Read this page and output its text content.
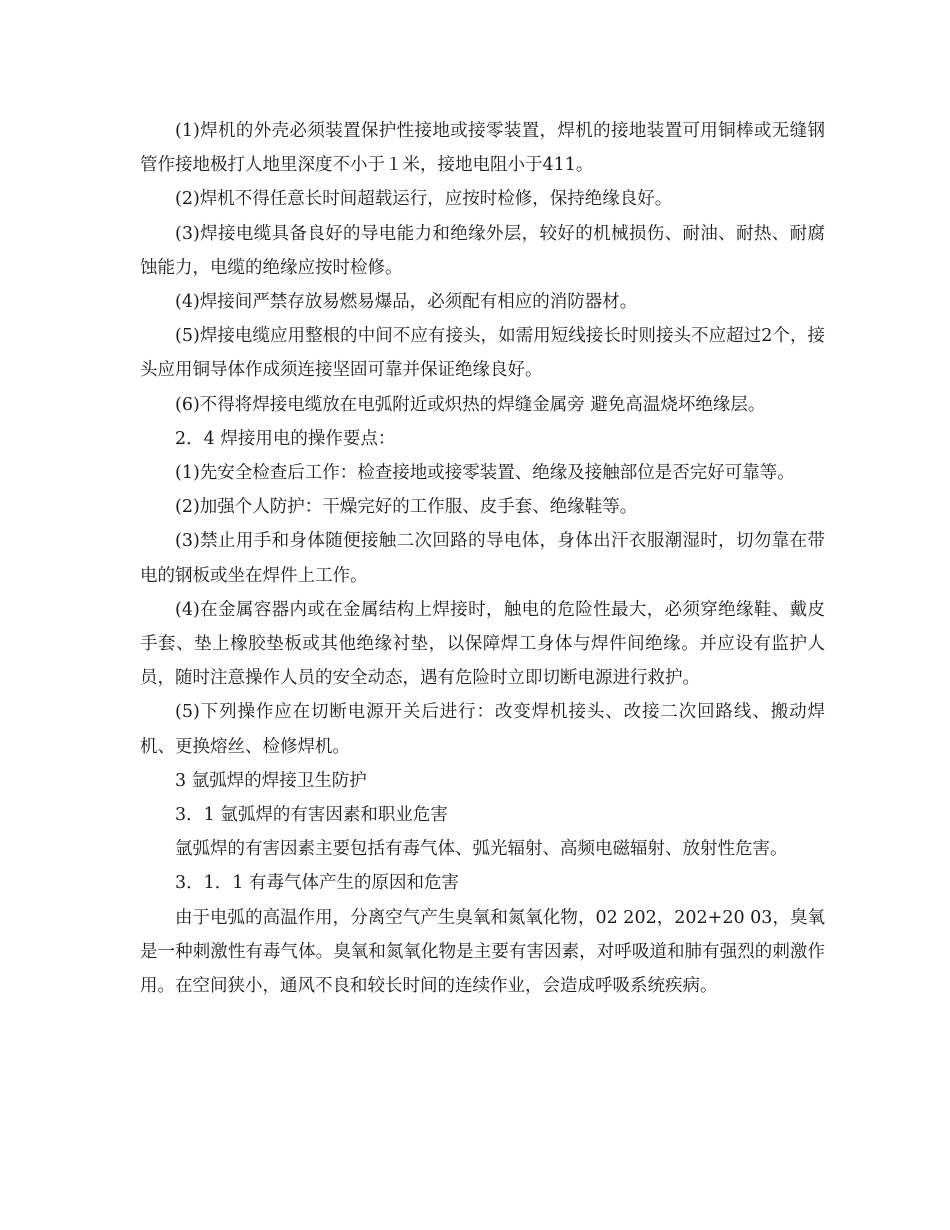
(1)焊机的外壳必须装置保护性接地或接零装置，焊机的接地装置可用铜棒或无缝钢管作接地极打人地里深度不小于１米，接地电阻小于411。

(2)焊机不得任意长时间超载运行，应按时检修，保持绝缘良好。

(3)焊接电缆具备良好的导电能力和绝缘外层，较好的机械损伤、耐油、耐热、耐腐蚀能力，电缆的绝缘应按时检修。

(4)焊接间严禁存放易燃易爆品，必须配有相应的消防器材。

(5)焊接电缆应用整根的中间不应有接头，如需用短线接长时则接头不应超过2个，接头应用铜导体作成须连接坚固可靠并保证绝缘良好。

(6)不得将焊接电缆放在电弧附近或炽热的焊缝金属旁 避免高温烧坏绝缘层。

2．4 焊接用电的操作要点：

(1)先安全检查后工作：检查接地或接零装置、绝缘及接触部位是否完好可靠等。

(2)加强个人防护：干燥完好的工作服、皮手套、绝缘鞋等。

(3)禁止用手和身体随便接触二次回路的导电体，身体出汗衣服潮湿时，切勿靠在带电的钢板或坐在焊件上工作。

(4)在金属容器内或在金属结构上焊接时，触电的危险性最大，必须穿绝缘鞋、戴皮手套、垫上橡胶垫板或其他绝缘衬垫，以保障焊工身体与焊件间绝缘。并应设有监护人员，随时注意操作人员的安全动态，遇有危险时立即切断电源进行救护。

(5)下列操作应在切断电源开关后进行：改变焊机接头、改接二次回路线、搬动焊机、更换熔丝、检修焊机。

3 氩弧焊的焊接卫生防护

3．1 氩弧焊的有害因素和职业危害

氩弧焊的有害因素主要包括有毒气体、弧光辐射、高频电磁辐射、放射性危害。

3．1．1 有毒气体产生的原因和危害

由于电弧的高温作用，分离空气产生臭氧和氮氧化物，02 202，202+20 03，臭氧是一种刺激性有毒气体。臭氧和氮氧化物是主要有害因素，对呼吸道和肺有强烈的刺激作用。在空间狭小，通风不良和较长时间的连续作业，会造成呼吸系统疾病。
